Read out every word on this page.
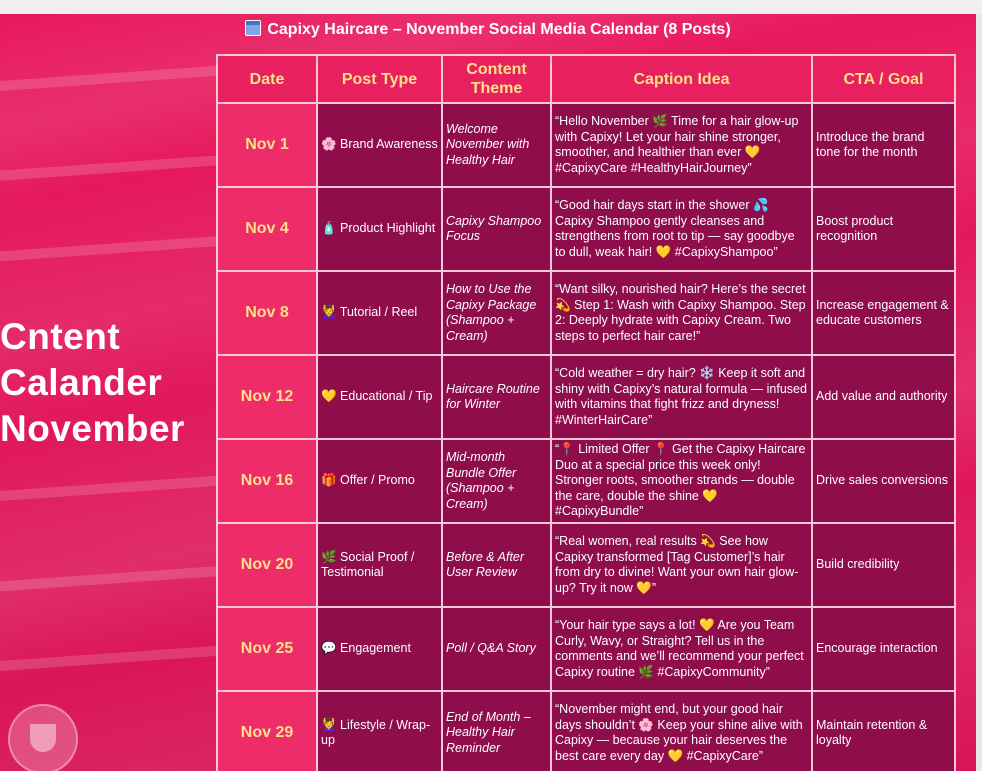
Capixy Haircare – November Social Media Calendar (8 Posts)
Cntent
Calander
November
Date	Post Type	Content Theme	Caption Idea	CTA / Goal
Nov 1	🌸 Brand Awareness	Welcome November with Healthy Hair	“Hello November 🌿 Time for a hair glow-up with Capixy! Let your hair shine stronger, smoother, and healthier than ever 💛 #CapixyCare #HealthyHairJourney”	Introduce the brand tone for the month
Nov 4	🧴 Product Highlight	Capixy Shampoo Focus	“Good hair days start in the shower 💦 Capixy Shampoo gently cleanses and strengthens from root to tip — say goodbye to dull, weak hair! 💛 #CapixyShampoo”	Boost product recognition
Nov 8	💆‍♀️ Tutorial / Reel	How to Use the Capixy Package (Shampoo + Cream)	“Want silky, nourished hair? Here’s the secret 💫 Step 1: Wash with Capixy Shampoo. Step 2: Deeply hydrate with Capixy Cream. Two steps to perfect hair care!”	Increase engagement & educate customers
Nov 12	💛 Educational / Tip	Haircare Routine for Winter	“Cold weather = dry hair? ❄️ Keep it soft and shiny with Capixy’s natural formula — infused with vitamins that fight frizz and dryness! #WinterHairCare”	Add value and authority
Nov 16	🎁 Offer / Promo	Mid-month Bundle Offer (Shampoo + Cream)	“📍 Limited Offer 📍 Get the Capixy Haircare Duo at a special price this week only! Stronger roots, smoother strands — double the care, double the shine 💛 #CapixyBundle”	Drive sales conversions
Nov 20	🌿 Social Proof / Testimonial	Before & After User Review	“Real women, real results 💫 See how Capixy transformed [Tag Customer]’s hair from dry to divine! Want your own hair glow-up? Try it now 💛”	Build credibility
Nov 25	💬 Engagement	Poll / Q&A Story	“Your hair type says a lot! 💛 Are you Team Curly, Wavy, or Straight? Tell us in the comments and we’ll recommend your perfect Capixy routine 🌿 #CapixyCommunity”	Encourage interaction
Nov 29	💆‍♀️ Lifestyle / Wrap-up	End of Month – Healthy Hair Reminder	“November might end, but your good hair days shouldn’t 🌸 Keep your shine alive with Capixy — because your hair deserves the best care every day 💛 #CapixyCare”	Maintain retention & loyalty
